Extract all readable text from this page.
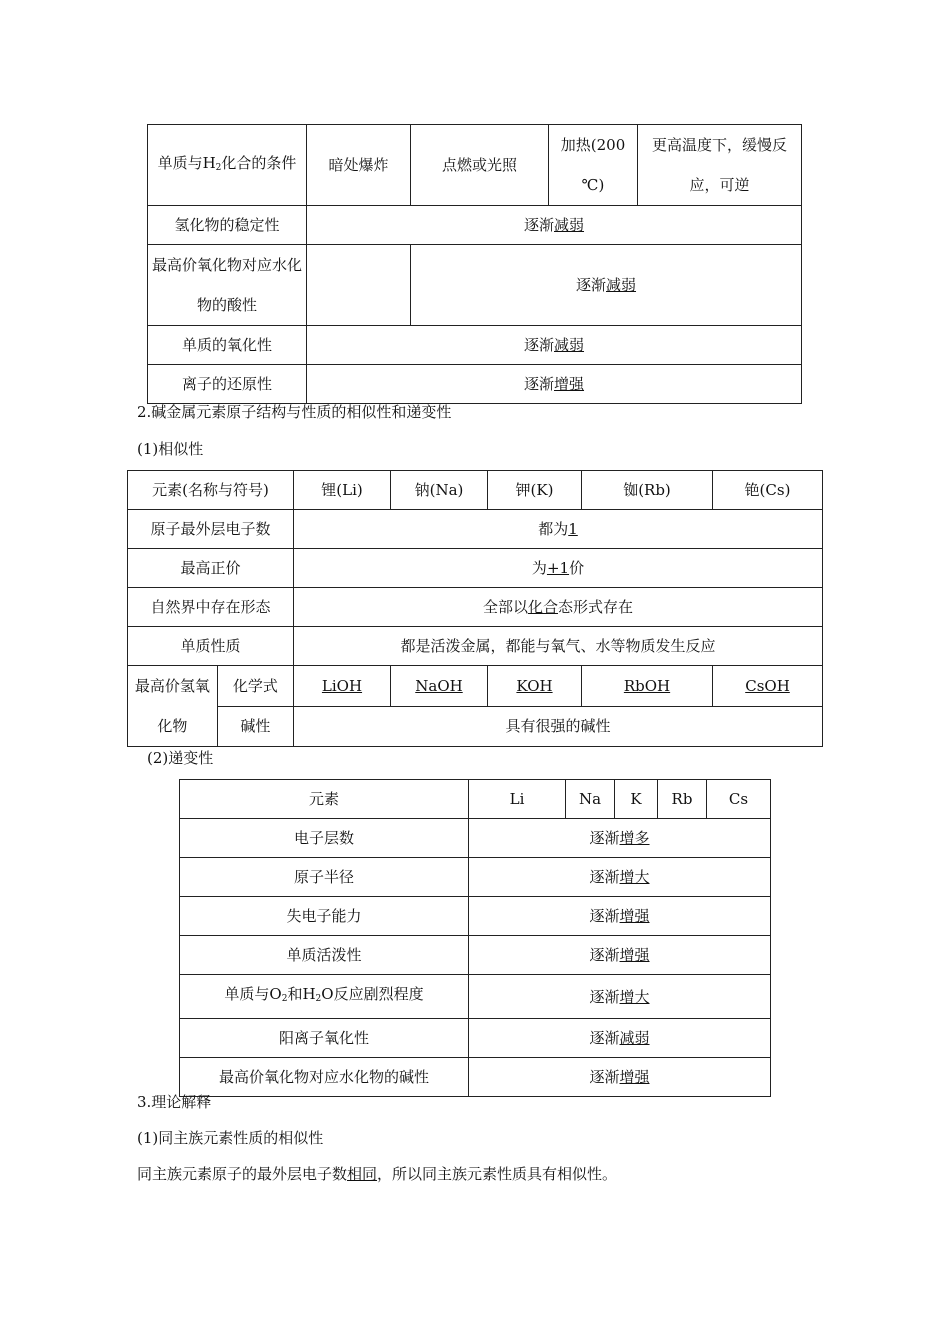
单质与$H_2$化合的条件	暗处爆炸	点燃或光照	加热(200 ℃)	更高温度下，缓慢反应，可逆
氢化物的稳定性	逐渐减弱			
最高价氧化物对应水化物的酸性		逐渐减弱		
单质的氧化性	逐渐减弱			
离子的还原性	逐渐增强			
2.碱金属元素原子结构与性质的相似性和递变性
(1)相似性
元素(名称与符号)		锂(Li)	钠(Na)	钾(K)	铷(Rb)	铯(Cs)
原子最外层电子数		都为1				
最高正价		为+1价				
自然界中存在形态		全部以化合态形式存在				
单质性质		都是活泼金属，都能与氧气、水等物质发生反应				
最高价氢氧化物	化学式	LiOH	NaOH	KOH	RbOH	CsOH
	碱性	具有很强的碱性				
(2)递变性
元素	Li	Na	K	Rb	Cs
电子层数	逐渐增多				
原子半径	逐渐增大				
失电子能力	逐渐增强				
单质活泼性	逐渐增强				
单质与$O_2$和$H_2O$反应剧烈程度	逐渐增大				
阳离子氧化性	逐渐减弱				
最高价氧化物对应水化物的碱性	逐渐增强				
3.理论解释
(1)同主族元素性质的相似性
同主族元素原子的最外层电子数相同，所以同主族元素性质具有相似性。
